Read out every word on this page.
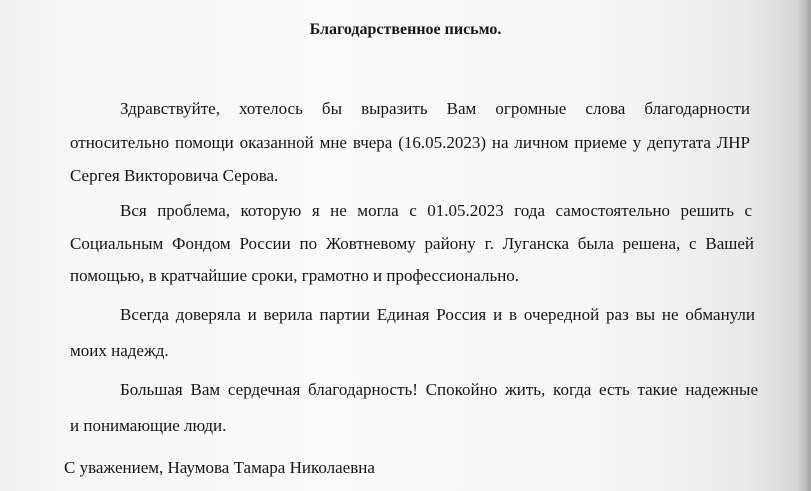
Благодарственное письмо.
Здравствуйте, хотелось бы выразить Вам огромные слова благодарности
относительно помощи оказанной мне вчера (16.05.2023) на личном приеме у депутата ЛНР
Сергея Викторовича Серова.
Вся проблема, которую я не могла с 01.05.2023 года самостоятельно решить с
Социальным Фондом России по Жовтневому району г. Луганска была решена, с Вашей
помощью, в кратчайшие сроки, грамотно и профессионально.
Всегда доверяла и верила партии Единая Россия и в очередной раз вы не обманули
моих надежд.
Большая Вам сердечная благодарность! Спокойно жить, когда есть такие надежные
и понимающие люди.
С уважением, Наумова Тамара Николаевна
